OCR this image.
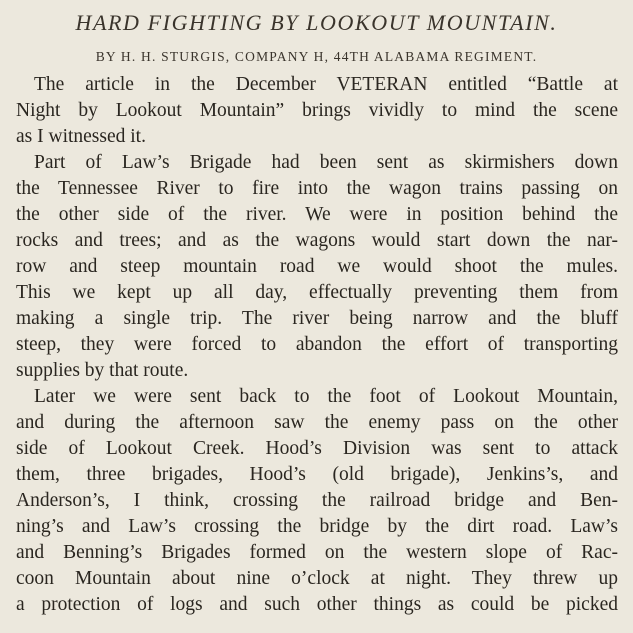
HARD FIGHTING BY LOOKOUT MOUNTAIN.
BY H. H. STURGIS, COMPANY H, 44TH ALABAMA REGIMENT.
The article in the December VETERAN entitled “Battle at
Night by Lookout Mountain” brings vividly to mind the scene
as I witnessed it.
Part of Law’s Brigade had been sent as skirmishers down
the Tennessee River to fire into the wagon trains passing on
the other side of the river. We were in position behind the
rocks and trees; and as the wagons would start down the nar-
row and steep mountain road we would shoot the mules.
This we kept up all day, effectually preventing them from
making a single trip. The river being narrow and the bluff
steep, they were forced to abandon the effort of transporting
supplies by that route.
Later we were sent back to the foot of Lookout Mountain,
and during the afternoon saw the enemy pass on the other
side of Lookout Creek. Hood’s Division was sent to attack
them, three brigades, Hood’s (old brigade), Jenkins’s, and
Anderson’s, I think, crossing the railroad bridge and Ben-
ning’s and Law’s crossing the bridge by the dirt road. Law’s
and Benning’s Brigades formed on the western slope of Rac-
coon Mountain about nine o’clock at night. They threw up
a protection of logs and such other things as could be picked
